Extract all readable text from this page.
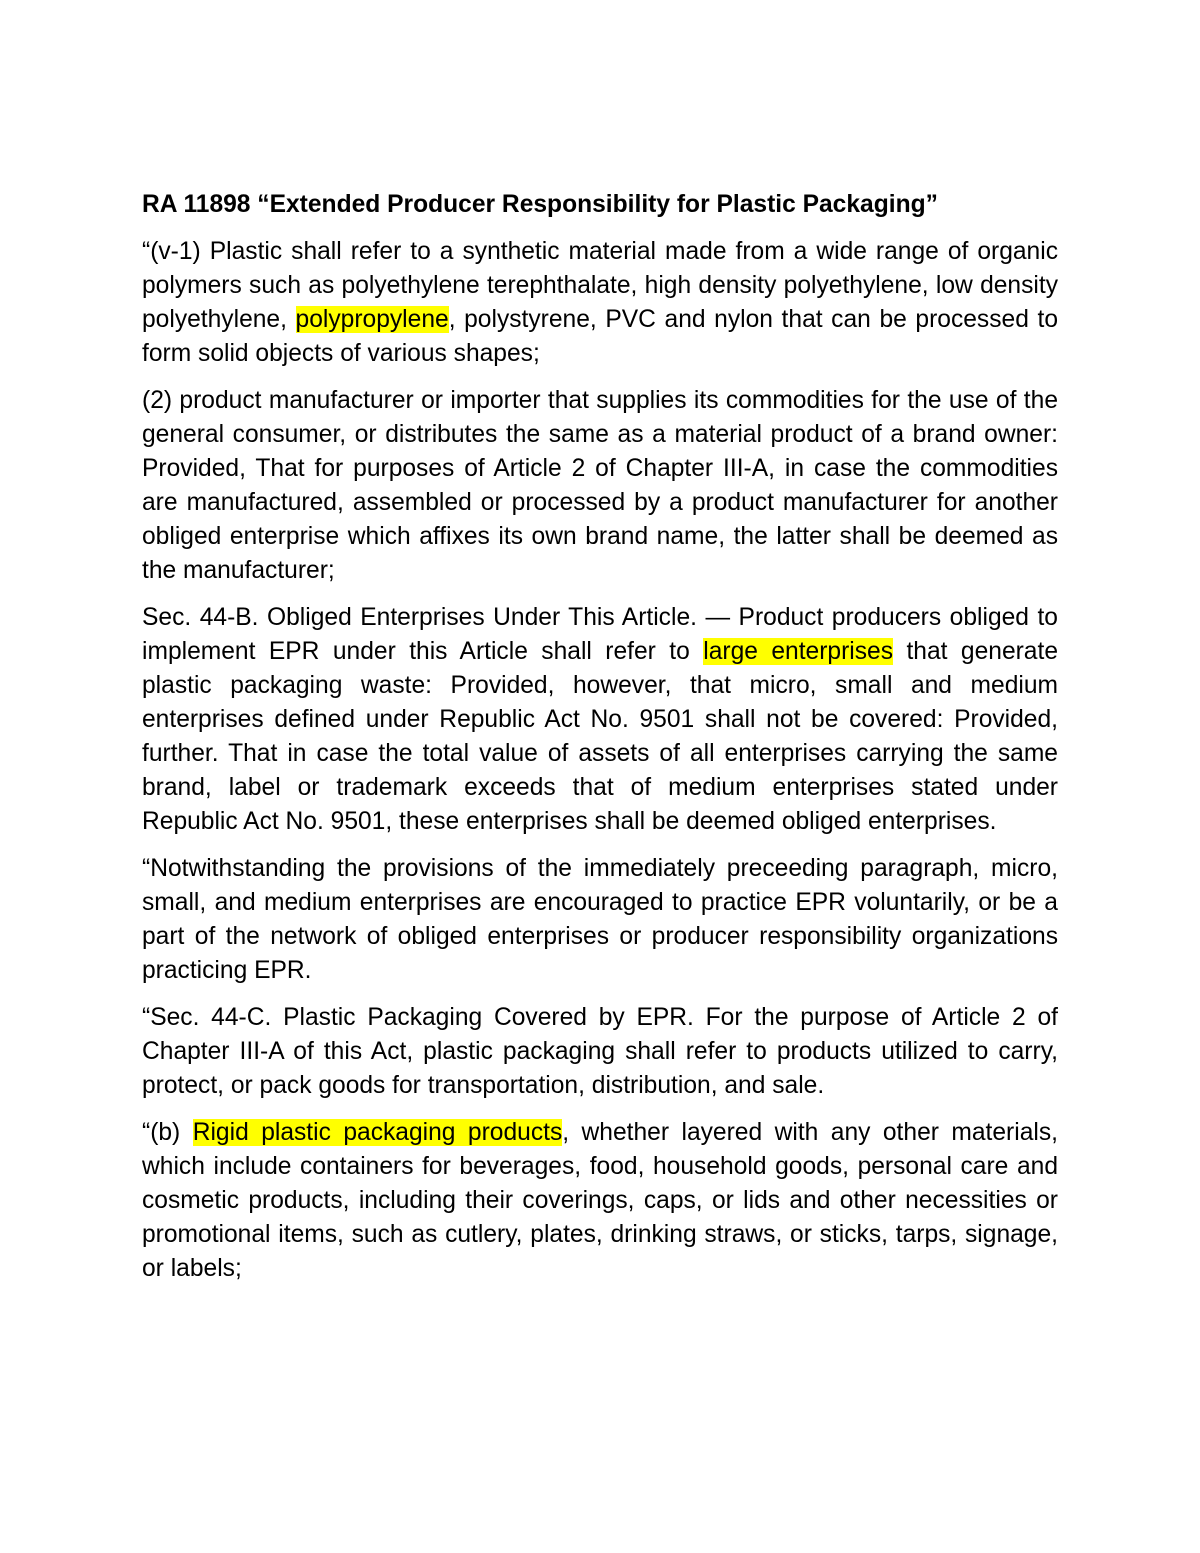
RA 11898 “Extended Producer Responsibility for Plastic Packaging”

“(v-1) Plastic shall refer to a synthetic material made from a wide range of organic polymers such as polyethylene terephthalate, high density polyethylene, low density polyethylene, polypropylene, polystyrene, PVC and nylon that can be processed to form solid objects of various shapes;

(2) product manufacturer or importer that supplies its commodities for the use of the general consumer, or distributes the same as a material product of a brand owner: Provided, That for purposes of Article 2 of Chapter III-A, in case the commodities are manufactured, assembled or processed by a product manufacturer for another obliged enterprise which affixes its own brand name, the latter shall be deemed as the manufacturer;

Sec. 44-B. Obliged Enterprises Under This Article. — Product producers obliged to implement EPR under this Article shall refer to large enterprises that generate plastic packaging waste: Provided, however, that micro, small and medium enterprises defined under Republic Act No. 9501 shall not be covered: Provided, further. That in case the total value of assets of all enterprises carrying the same brand, label or trademark exceeds that of medium enterprises stated under Republic Act No. 9501, these enterprises shall be deemed obliged enterprises.

“Notwithstanding the provisions of the immediately preceeding paragraph, micro, small, and medium enterprises are encouraged to practice EPR voluntarily, or be a part of the network of obliged enterprises or producer responsibility organizations practicing EPR.

“Sec. 44-C. Plastic Packaging Covered by EPR. For the purpose of Article 2 of Chapter III-A of this Act, plastic packaging shall refer to products utilized to carry, protect, or pack goods for transportation, distribution, and sale.

“(b) Rigid plastic packaging products, whether layered with any other materials, which include containers for beverages, food, household goods, personal care and cosmetic products, including their coverings, caps, or lids and other necessities or promotional items, such as cutlery, plates, drinking straws, or sticks, tarps, signage, or labels;
